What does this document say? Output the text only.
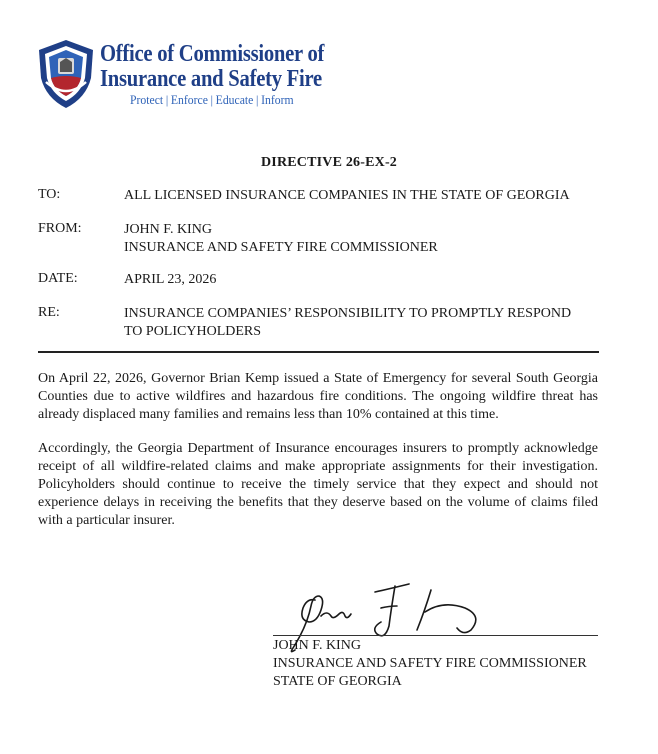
Office of Commissioner of
Insurance and Safety Fire
Protect | Enforce | Educate | Inform
DIRECTIVE 26-EX-2
TO:	ALL LICENSED INSURANCE COMPANIES IN THE STATE OF GEORGIA
FROM:	JOHN F. KING
INSURANCE AND SAFETY FIRE COMMISSIONER
DATE:	APRIL 23, 2026
RE:	INSURANCE COMPANIES’ RESPONSIBILITY TO PROMPTLY RESPOND
TO POLICYHOLDERS
On April 22, 2026, Governor Brian Kemp issued a State of Emergency for several South Georgia Counties due to active wildfires and hazardous fire conditions. The ongoing wildfire threat has already displaced many families and remains less than 10% contained at this time.
Accordingly, the Georgia Department of Insurance encourages insurers to promptly acknowledge receipt of all wildfire-related claims and make appropriate assignments for their investigation. Policyholders should continue to receive the timely service that they expect and should not experience delays in receiving the benefits that they deserve based on the volume of claims filed with a particular insurer.
JOHN F. KING
INSURANCE AND SAFETY FIRE COMMISSIONER
STATE OF GEORGIA
